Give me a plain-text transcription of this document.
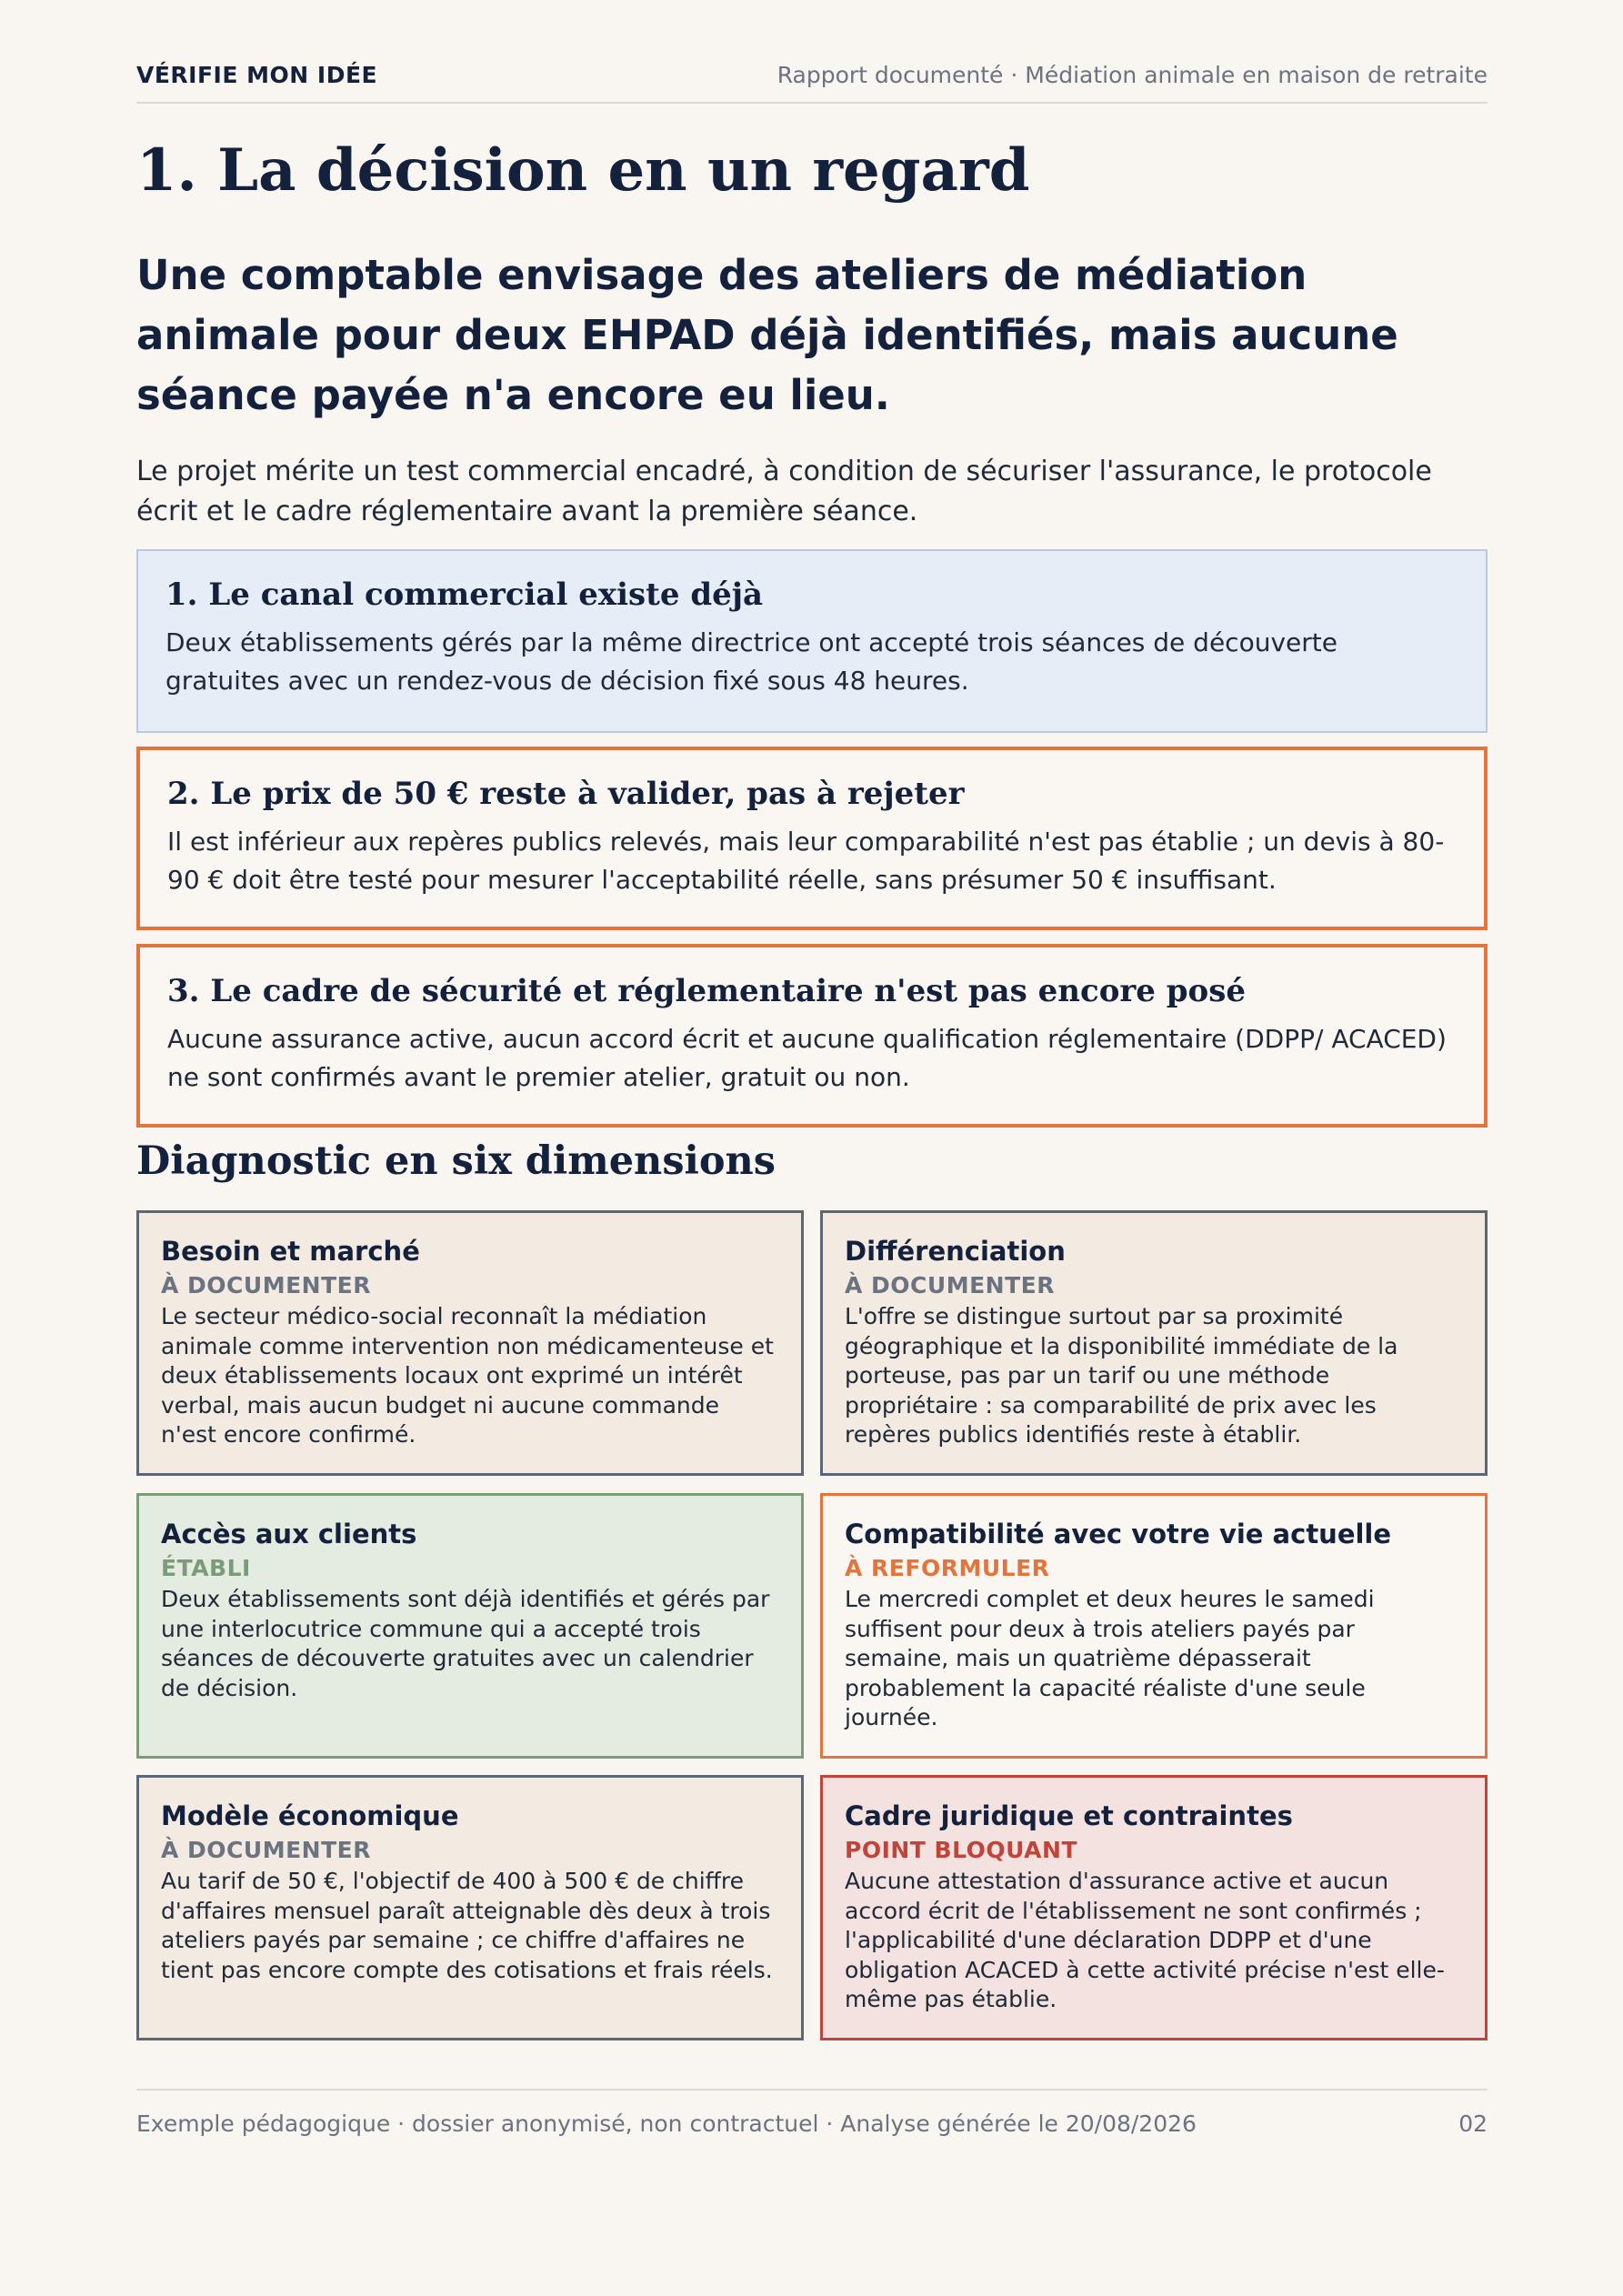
VÉRIFIE MON IDÉE	Rapport documenté · Médiation animale en maison de retraite
1. La décision en un regard
Une comptable envisage des ateliers de médiation animale pour deux EHPAD déjà identifiés, mais aucune séance payée n'a encore eu lieu.

Le projet mérite un test commercial encadré, à condition de sécuriser l'assurance, le protocole écrit et le cadre réglementaire avant la première séance.

1. Le canal commercial existe déjà

Deux établissements gérés par la même directrice ont accepté trois séances de découverte gratuites avec un rendez-vous de décision fixé sous 48 heures.

2. Le prix de 50 € reste à valider, pas à rejeter

Il est inférieur aux repères publics relevés, mais leur comparabilité n'est pas établie ; un devis à 80-90 € doit être testé pour mesurer l'acceptabilité réelle, sans présumer 50 € insuffisant.

3. Le cadre de sécurité et réglementaire n'est pas encore posé

Aucune assurance active, aucun accord écrit et aucune qualification réglementaire (DDPP/ ACACED) ne sont confirmés avant le premier atelier, gratuit ou non.

Diagnostic en six dimensions
Besoin et marché
À DOCUMENTER

Le secteur médico-social reconnaît la médiation animale comme intervention non médicamenteuse et deux établissements locaux ont exprimé un intérêt verbal, mais aucun budget ni aucune commande n'est encore confirmé.

Différenciation
À DOCUMENTER

L'offre se distingue surtout par sa proximité géographique et la disponibilité immédiate de la porteuse, pas par un tarif ou une méthode propriétaire : sa comparabilité de prix avec les repères publics identifiés reste à établir.

Accès aux clients
ÉTABLI

Deux établissements sont déjà identifiés et gérés par une interlocutrice commune qui a accepté trois séances de découverte gratuites avec un calendrier de décision.

Compatibilité avec votre vie actuelle
À REFORMULER

Le mercredi complet et deux heures le samedi suffisent pour deux à trois ateliers payés par semaine, mais un quatrième dépasserait probablement la capacité réaliste d'une seule journée.

Modèle économique
À DOCUMENTER

Au tarif de 50 €, l'objectif de 400 à 500 € de chiffre d'affaires mensuel paraît atteignable dès deux à trois ateliers payés par semaine ; ce chiffre d'affaires ne tient pas encore compte des cotisations et frais réels.

Cadre juridique et contraintes
POINT BLOQUANT

Aucune attestation d'assurance active et aucun accord écrit de l'établissement ne sont confirmés ; l'applicabilité d'une déclaration DDPP et d'une obligation ACACED à cette activité précise n'est elle-même pas établie.

Exemple pédagogique · dossier anonymisé, non contractuel · Analyse générée le 20/08/2026	02
